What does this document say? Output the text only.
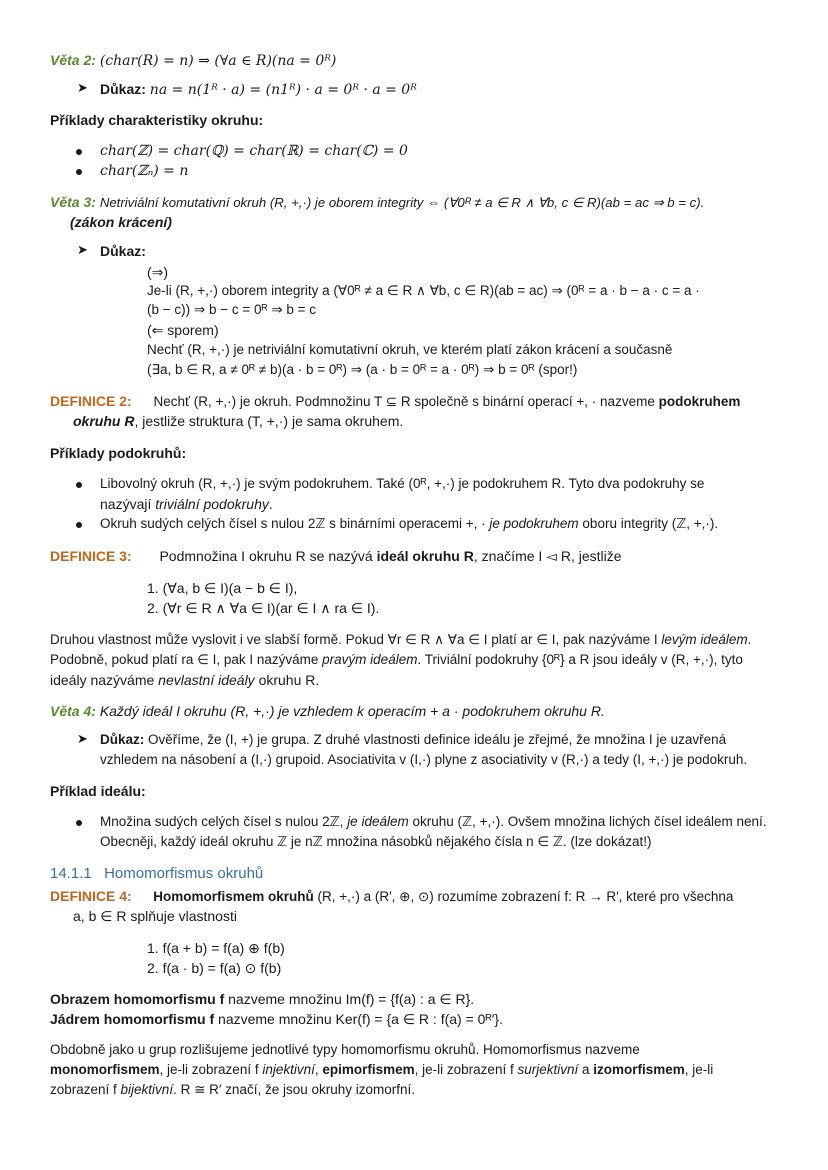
Věta 2: (char(R) = n) ⇒ (∀a ∈ R)(na = 0ᴿ)
➤ Důkaz: na = n(1ᴿ · a) = (n1ᴿ) · a = 0ᴿ · a = 0ᴿ
Příklady charakteristiky okruhu:
char(ℤ) = char(ℚ) = char(ℝ) = char(ℂ) = 0
char(ℤₙ) = n
Věta 3: Netriviální komutativní okruh (R, +,·) je oborem integrity ⇔ (∀0ᴿ ≠ a ∈ R ∧ ∀b, c ∈ R)(ab = ac ⇒ b = c).
(zákon krácení)
➤ Důkaz:
(⇒)
Je-li (R, +,·) oborem integrity a (∀0ᴿ ≠ a ∈ R ∧ ∀b, c ∈ R)(ab = ac) ⇒ (0ᴿ = a · b − a · c = a ·
(b − c)) ⇒ b − c = 0ᴿ ⇒ b = c
(⇐ sporem)
Nechť (R, +,·) je netriviální komutativní okruh, ve kterém platí zákon krácení a současně
(∃a, b ∈ R, a ≠ 0ᴿ ≠ b)(a · b = 0ᴿ) ⇒ (a · b = 0ᴿ = a · 0ᴿ) ⇒ b = 0ᴿ (spor!)
DEFINICE 2: Nechť (R, +,·) je okruh. Podmnožinu T ⊆ R společně s binární operací +, · nazveme podokruhem
okruhu R, jestliže struktura (T, +,·) je sama okruhem.
Příklady podokruhů:
Libovolný okruh (R, +,·) je svým podokruhem. Také (0ᴿ, +,·) je podokruhem R. Tyto dva podokruhy se
nazývají triviální podokruhy.
Okruh sudých celých čísel s nulou 2ℤ s binárními operacemi +, · je podokruhem oboru integrity (ℤ, +,·).
DEFINICE 3: Podmnožina I okruhu R se nazývá ideál okruhu R, značíme I ◅ R, jestliže
1. (∀a, b ∈ I)(a − b ∈ I),
2. (∀r ∈ R ∧ ∀a ∈ I)(ar ∈ I ∧ ra ∈ I).
Druhou vlastnost může vyslovit i ve slabší formě. Pokud ∀r ∈ R ∧ ∀a ∈ I platí ar ∈ I, pak nazýváme I levým ideálem.
Podobně, pokud platí ra ∈ I, pak I nazýváme pravým ideálem. Triviální podokruhy {0ᴿ} a R jsou ideály v (R, +,·), tyto
ideály nazýváme nevlastní ideály okruhu R.
Věta 4: Každý ideál I okruhu (R, +,·) je vzhledem k operacím + a · podokruhem okruhu R.
➤ Důkaz: Ověříme, že (I, +) je grupa. Z druhé vlastnosti definice ideálu je zřejmé, že množina I je uzavřená
vzhledem na násobení a (I,·) grupoid. Asociativita v (I,·) plyne z asociativity v (R,·) a tedy (I, +,·) je podokruh.
Příklad ideálu:
Množina sudých celých čísel s nulou 2ℤ, je ideálem okruhu (ℤ, +,·). Ovšem množina lichých čísel ideálem není.
Obecněji, každý ideál okruhu ℤ je nℤ množina násobků nějakého čísla n ∈ ℤ. (lze dokázat!)
14.1.1 Homomorfismus okruhů
DEFINICE 4: Homomorfismem okruhů (R, +,·) a (R′, ⊕, ⊙) rozumíme zobrazení f: R → R′, které pro všechna
a, b ∈ R splňuje vlastnosti
1. f(a + b) = f(a) ⊕ f(b)
2. f(a · b) = f(a) ⊙ f(b)
Obrazem homomorfismu f nazveme množinu Im(f) = {f(a) : a ∈ R}.
Jádrem homomorfismu f nazveme množinu Ker(f) = {a ∈ R : f(a) = 0ᴿ′}.
Obdobně jako u grup rozlišujeme jednotlivé typy homomorfismu okruhů. Homomorfismus nazveme
monomorfismem, je-li zobrazení f injektivní, epimorfismem, je-li zobrazení f surjektivní a izomorfismem, je-li
zobrazení f bijektivní. R ≅ R′ značí, že jsou okruhy izomorfní.
